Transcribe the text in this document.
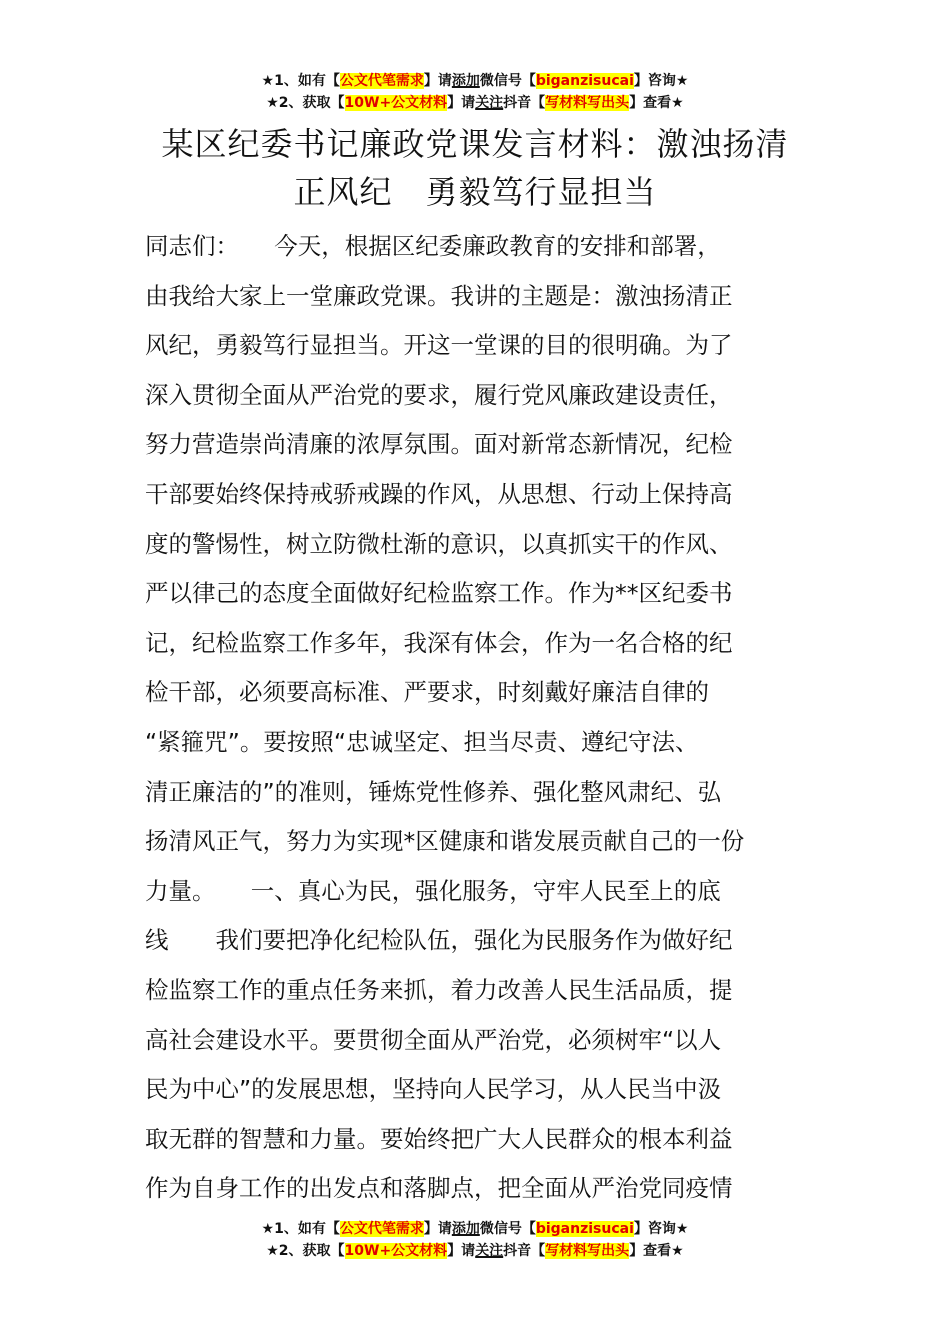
★1、如有【公文代笔需求】请添加微信号【biganzisucai】咨询★
★2、获取【10W+公文材料】请关注抖音【写材料写出头】查看★
某区纪委书记廉政党课发言材料：激浊扬清
正风纪　勇毅笃行显担当
同志们：　　今天，根据区纪委廉政教育的安排和部署，
由我给大家上一堂廉政党课。我讲的主题是：激浊扬清正
风纪，勇毅笃行显担当。开这一堂课的目的很明确。为了
深入贯彻全面从严治党的要求，履行党风廉政建设责任，
努力营造崇尚清廉的浓厚氛围。面对新常态新情况，纪检
干部要始终保持戒骄戒躁的作风，从思想、行动上保持高
度的警惕性，树立防微杜渐的意识，以真抓实干的作风、
严以律己的态度全面做好纪检监察工作。作为**区纪委书
记，纪检监察工作多年，我深有体会，作为一名合格的纪
检干部，必须要高标准、严要求，时刻戴好廉洁自律的
“紧箍咒”。要按照“忠诚坚定、担当尽责、遵纪守法、
清正廉洁的”的准则，锤炼党性修养、强化整风肃纪、弘
扬清风正气，努力为实现*区健康和谐发展贡献自己的一份
力量。　　一、真心为民，强化服务，守牢人民至上的底
线　　我们要把净化纪检队伍，强化为民服务作为做好纪
检监察工作的重点任务来抓，着力改善人民生活品质，提
高社会建设水平。要贯彻全面从严治党，必须树牢“以人
民为中心”的发展思想，坚持向人民学习，从人民当中汲
取无群的智慧和力量。要始终把广大人民群众的根本利益
作为自身工作的出发点和落脚点，把全面从严治党同疫情
★1、如有【公文代笔需求】请添加微信号【biganzisucai】咨询★
★2、获取【10W+公文材料】请关注抖音【写材料写出头】查看★
